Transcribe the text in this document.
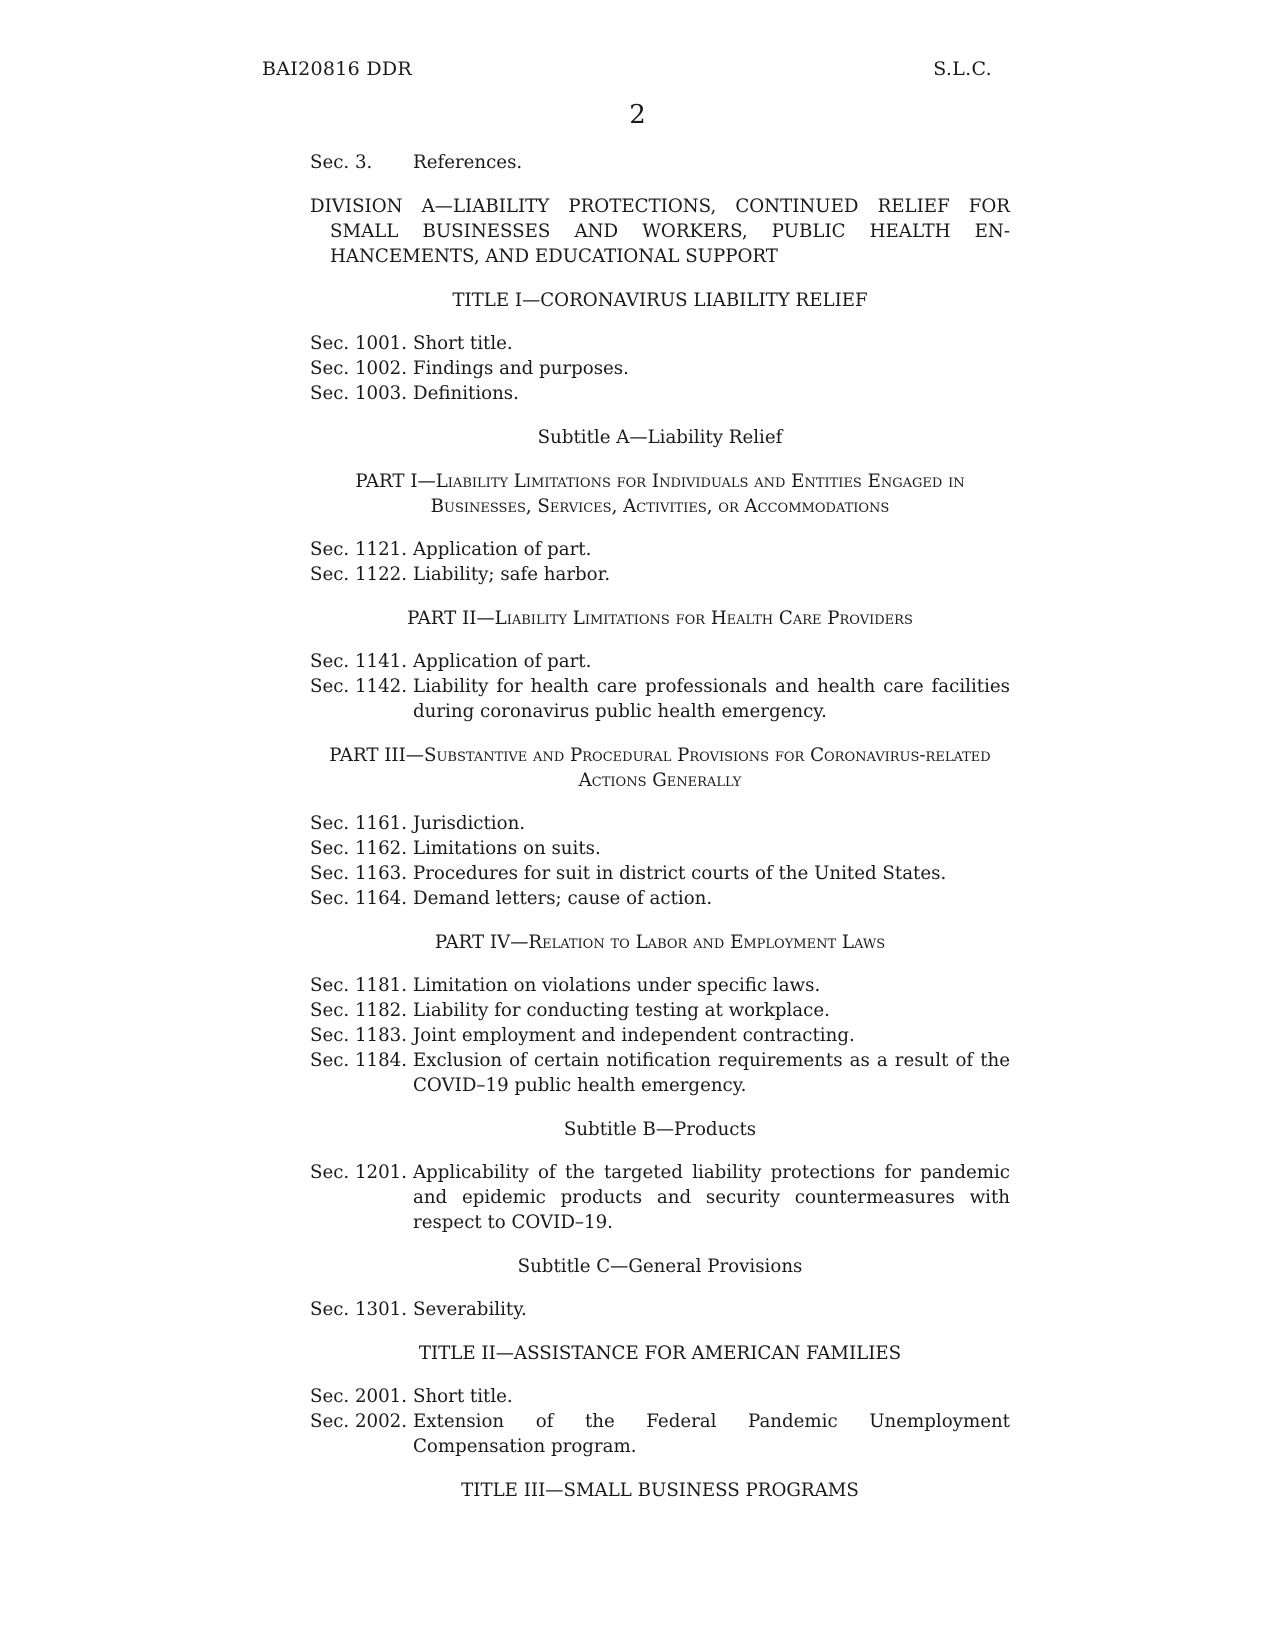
BAI20816 DDR	S.L.C.
2
Sec. 3.	References.
DIVISION A—LIABILITY PROTECTIONS, CONTINUED RELIEF FOR SMALL BUSINESSES AND WORKERS, PUBLIC HEALTH ENHANCEMENTS, AND EDUCATIONAL SUPPORT
TITLE I—CORONAVIRUS LIABILITY RELIEF
Sec. 1001. Short title.
Sec. 1002. Findings and purposes.
Sec. 1003. Definitions.
Subtitle A—Liability Relief
PART I—Liability Limitations for Individuals and Entities Engaged in Businesses, Services, Activities, or Accommodations
Sec. 1121. Application of part.
Sec. 1122. Liability; safe harbor.
PART II—Liability Limitations for Health Care Providers
Sec. 1141. Application of part.
Sec. 1142. Liability for health care professionals and health care facilities during coronavirus public health emergency.
PART III—Substantive and Procedural Provisions for Coronavirus-related Actions Generally
Sec. 1161. Jurisdiction.
Sec. 1162. Limitations on suits.
Sec. 1163. Procedures for suit in district courts of the United States.
Sec. 1164. Demand letters; cause of action.
PART IV—Relation to Labor and Employment Laws
Sec. 1181. Limitation on violations under specific laws.
Sec. 1182. Liability for conducting testing at workplace.
Sec. 1183. Joint employment and independent contracting.
Sec. 1184. Exclusion of certain notification requirements as a result of the COVID–19 public health emergency.
Subtitle B—Products
Sec. 1201. Applicability of the targeted liability protections for pandemic and epidemic products and security countermeasures with respect to COVID–19.
Subtitle C—General Provisions
Sec. 1301. Severability.
TITLE II—ASSISTANCE FOR AMERICAN FAMILIES
Sec. 2001. Short title.
Sec. 2002. Extension of the Federal Pandemic Unemployment Compensation program.
TITLE III—SMALL BUSINESS PROGRAMS
